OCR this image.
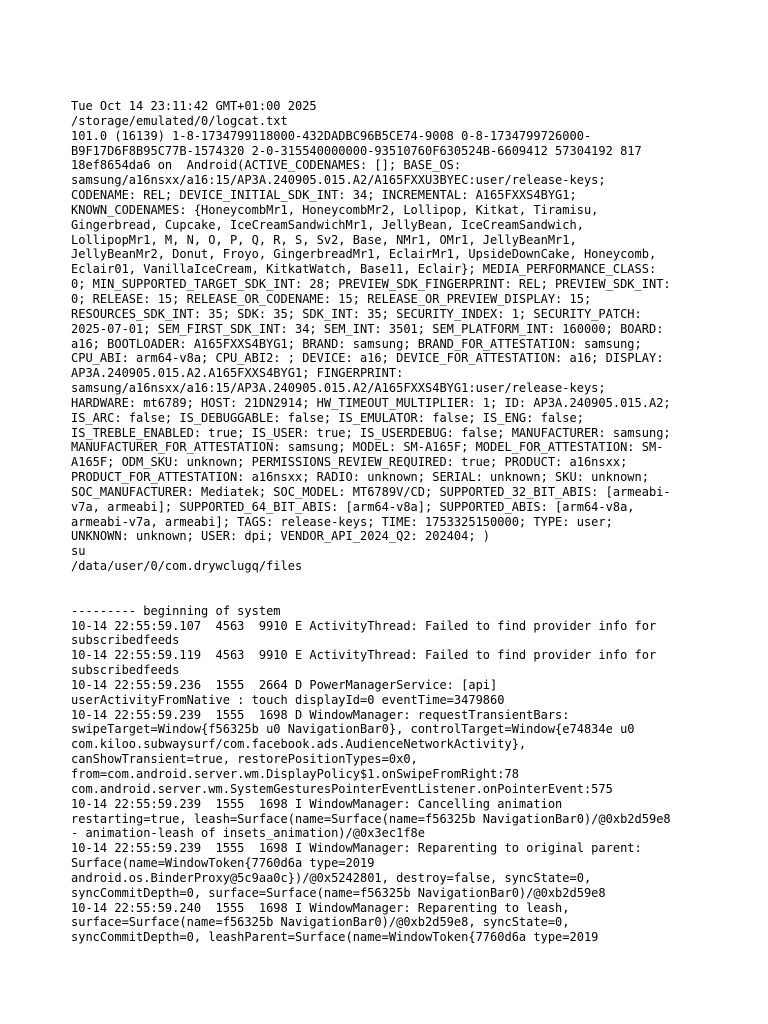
Tue Oct 14 23:11:42 GMT+01:00 2025
/storage/emulated/0/logcat.txt
101.0 (16139) 1-8-1734799118000-432DADBC96B5CE74-9008 0-8-1734799726000-
B9F17D6F8B95C77B-1574320 2-0-315540000000-93510760F630524B-6609412 57304192 817
18ef8654da6 on  Android(ACTIVE_CODENAMES: []; BASE_OS:
samsung/a16nsxx/a16:15/AP3A.240905.015.A2/A165FXXU3BYEC:user/release-keys;
CODENAME: REL; DEVICE_INITIAL_SDK_INT: 34; INCREMENTAL: A165FXXS4BYG1;
KNOWN_CODENAMES: {HoneycombMr1, HoneycombMr2, Lollipop, Kitkat, Tiramisu,
Gingerbread, Cupcake, IceCreamSandwichMr1, JellyBean, IceCreamSandwich,
LollipopMr1, M, N, O, P, Q, R, S, Sv2, Base, NMr1, OMr1, JellyBeanMr1,
JellyBeanMr2, Donut, Froyo, GingerbreadMr1, EclairMr1, UpsideDownCake, Honeycomb,
Eclair01, VanillaIceCream, KitkatWatch, Base11, Eclair}; MEDIA_PERFORMANCE_CLASS:
0; MIN_SUPPORTED_TARGET_SDK_INT: 28; PREVIEW_SDK_FINGERPRINT: REL; PREVIEW_SDK_INT:
0; RELEASE: 15; RELEASE_OR_CODENAME: 15; RELEASE_OR_PREVIEW_DISPLAY: 15;
RESOURCES_SDK_INT: 35; SDK: 35; SDK_INT: 35; SECURITY_INDEX: 1; SECURITY_PATCH:
2025-07-01; SEM_FIRST_SDK_INT: 34; SEM_INT: 3501; SEM_PLATFORM_INT: 160000; BOARD:
a16; BOOTLOADER: A165FXXS4BYG1; BRAND: samsung; BRAND_FOR_ATTESTATION: samsung;
CPU_ABI: arm64-v8a; CPU_ABI2: ; DEVICE: a16; DEVICE_FOR_ATTESTATION: a16; DISPLAY:
AP3A.240905.015.A2.A165FXXS4BYG1; FINGERPRINT:
samsung/a16nsxx/a16:15/AP3A.240905.015.A2/A165FXXS4BYG1:user/release-keys;
HARDWARE: mt6789; HOST: 21DN2914; HW_TIMEOUT_MULTIPLIER: 1; ID: AP3A.240905.015.A2;
IS_ARC: false; IS_DEBUGGABLE: false; IS_EMULATOR: false; IS_ENG: false;
IS_TREBLE_ENABLED: true; IS_USER: true; IS_USERDEBUG: false; MANUFACTURER: samsung;
MANUFACTURER_FOR_ATTESTATION: samsung; MODEL: SM-A165F; MODEL_FOR_ATTESTATION: SM-
A165F; ODM_SKU: unknown; PERMISSIONS_REVIEW_REQUIRED: true; PRODUCT: a16nsxx;
PRODUCT_FOR_ATTESTATION: a16nsxx; RADIO: unknown; SERIAL: unknown; SKU: unknown;
SOC_MANUFACTURER: Mediatek; SOC_MODEL: MT6789V/CD; SUPPORTED_32_BIT_ABIS: [armeabi-
v7a, armeabi]; SUPPORTED_64_BIT_ABIS: [arm64-v8a]; SUPPORTED_ABIS: [arm64-v8a,
armeabi-v7a, armeabi]; TAGS: release-keys; TIME: 1753325150000; TYPE: user;
UNKNOWN: unknown; USER: dpi; VENDOR_API_2024_Q2: 202404; )
su
/data/user/0/com.drywclugq/files

--------- beginning of system
10-14 22:55:59.107  4563  9910 E ActivityThread: Failed to find provider info for
subscribedfeeds
10-14 22:55:59.119  4563  9910 E ActivityThread: Failed to find provider info for
subscribedfeeds
10-14 22:55:59.236  1555  2664 D PowerManagerService: [api]
userActivityFromNative : touch displayId=0 eventTime=3479860
10-14 22:55:59.239  1555  1698 D WindowManager: requestTransientBars:
swipeTarget=Window{f56325b u0 NavigationBar0}, controlTarget=Window{e74834e u0
com.kiloo.subwaysurf/com.facebook.ads.AudienceNetworkActivity},
canShowTransient=true, restorePositionTypes=0x0,
from=com.android.server.wm.DisplayPolicy$1.onSwipeFromRight:78
com.android.server.wm.SystemGesturesPointerEventListener.onPointerEvent:575
10-14 22:55:59.239  1555  1698 I WindowManager: Cancelling animation
restarting=true, leash=Surface(name=Surface(name=f56325b NavigationBar0)/@0xb2d59e8
- animation-leash of insets_animation)/@0x3ec1f8e
10-14 22:55:59.239  1555  1698 I WindowManager: Reparenting to original parent:
Surface(name=WindowToken{7760d6a type=2019
android.os.BinderProxy@5c9aa0c})/@0x5242801, destroy=false, syncState=0,
syncCommitDepth=0, surface=Surface(name=f56325b NavigationBar0)/@0xb2d59e8
10-14 22:55:59.240  1555  1698 I WindowManager: Reparenting to leash,
surface=Surface(name=f56325b NavigationBar0)/@0xb2d59e8, syncState=0,
syncCommitDepth=0, leashParent=Surface(name=WindowToken{7760d6a type=2019
